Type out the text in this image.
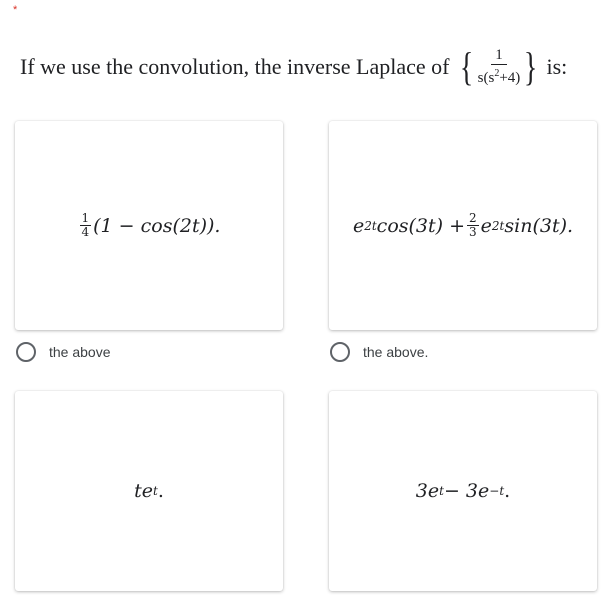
*
If we use the convolution, the inverse Laplace of { $\frac{1}{s(s^2+4)}$ } is:
1
4 (1 − cos(2t)).	e 2t $\cos(3t) + \frac{2}{3}$ e 2t sin(3t).
the above	the above.
te t .	3e t − 3e −t .
